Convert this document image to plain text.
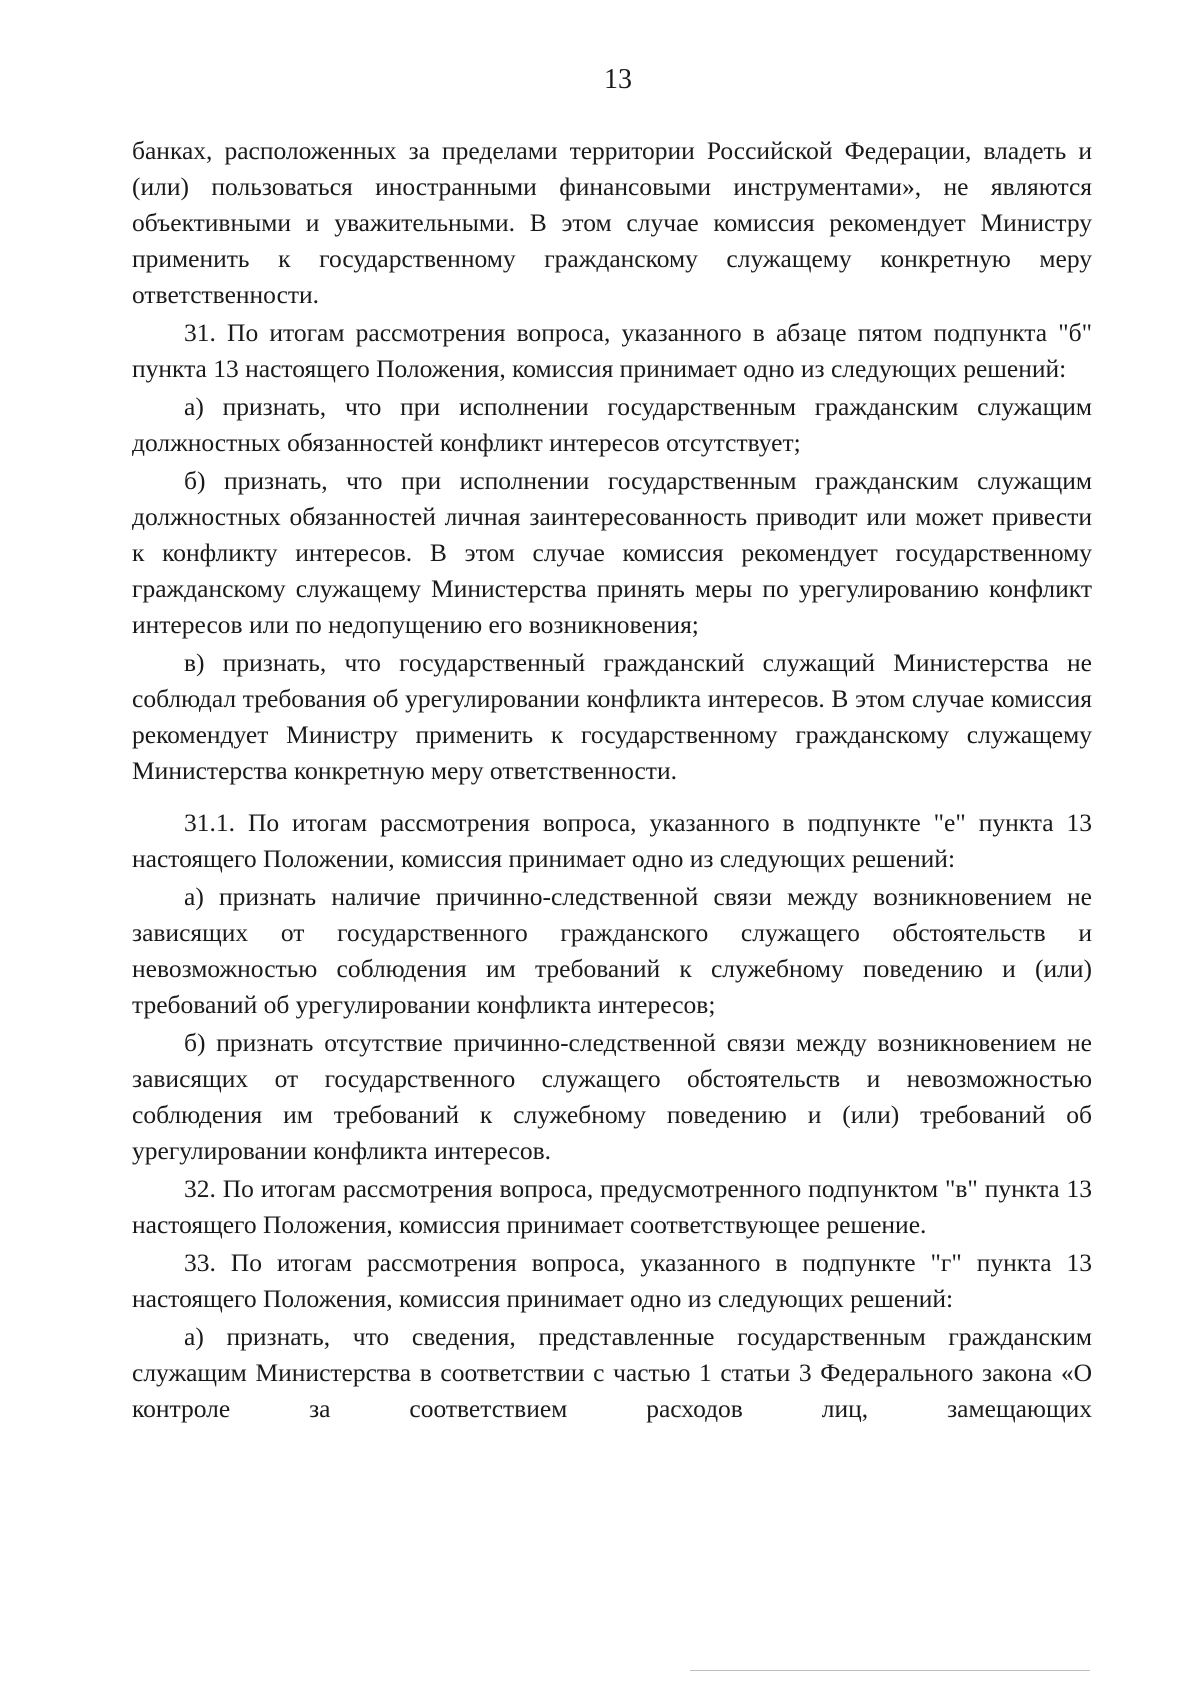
13

банках, расположенных за пределами территории Российской Федерации, владеть и (или) пользоваться иностранными финансовыми инструментами», не являются объективными и уважительными. В этом случае комиссия рекомендует Министру применить к государственному гражданскому служащему конкретную меру ответственности.

31. По итогам рассмотрения вопроса, указанного в абзаце пятом подпункта "б" пункта 13 настоящего Положения, комиссия принимает одно из следующих решений:

а) признать, что при исполнении государственным гражданским служащим должностных обязанностей конфликт интересов отсутствует;

б) признать, что при исполнении государственным гражданским служащим должностных обязанностей личная заинтересованность приводит или может привести к конфликту интересов. В этом случае комиссия рекомендует государственному гражданскому служащему Министерства принять меры по урегулированию конфликт интересов или по недопущению его возникновения;

в) признать, что государственный гражданский служащий Министерства не соблюдал требования об урегулировании конфликта интересов. В этом случае комиссия рекомендует Министру применить к государственному гражданскому служащему Министерства конкретную меру ответственности.

31.1. По итогам рассмотрения вопроса, указанного в подпункте "е" пункта 13 настоящего Положении, комиссия принимает одно из следующих решений:

а) признать наличие причинно-следственной связи между возникновением не зависящих от государственного гражданского служащего обстоятельств и невозможностью соблюдения им требований к служебному поведению и (или) требований об урегулировании конфликта интересов;

б) признать отсутствие причинно-следственной связи между возникновением не зависящих от государственного служащего обстоятельств и невозможностью соблюдения им требований к служебному поведению и (или) требований об урегулировании конфликта интересов.

32. По итогам рассмотрения вопроса, предусмотренного подпунктом "в" пункта 13 настоящего Положения, комиссия принимает соответствующее решение.

33. По итогам рассмотрения вопроса, указанного в подпункте "г" пункта 13 настоящего Положения, комиссия принимает одно из следующих решений:

а) признать, что сведения, представленные государственным гражданским служащим Министерства в соответствии с частью 1 статьи 3 Федерального закона «О контроле за соответствием расходов лиц, замещающих
